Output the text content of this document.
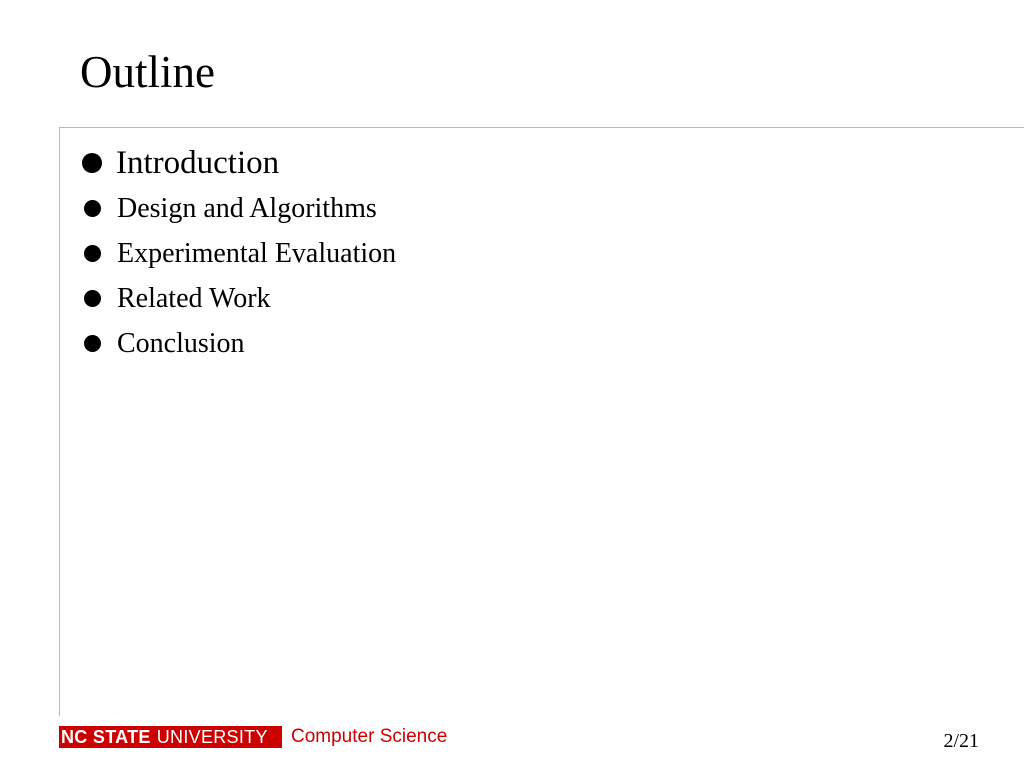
Outline
Introduction
Design and Algorithms
Experimental Evaluation
Related Work
Conclusion
NC STATE UNIVERSITY Computer Science	2/21
